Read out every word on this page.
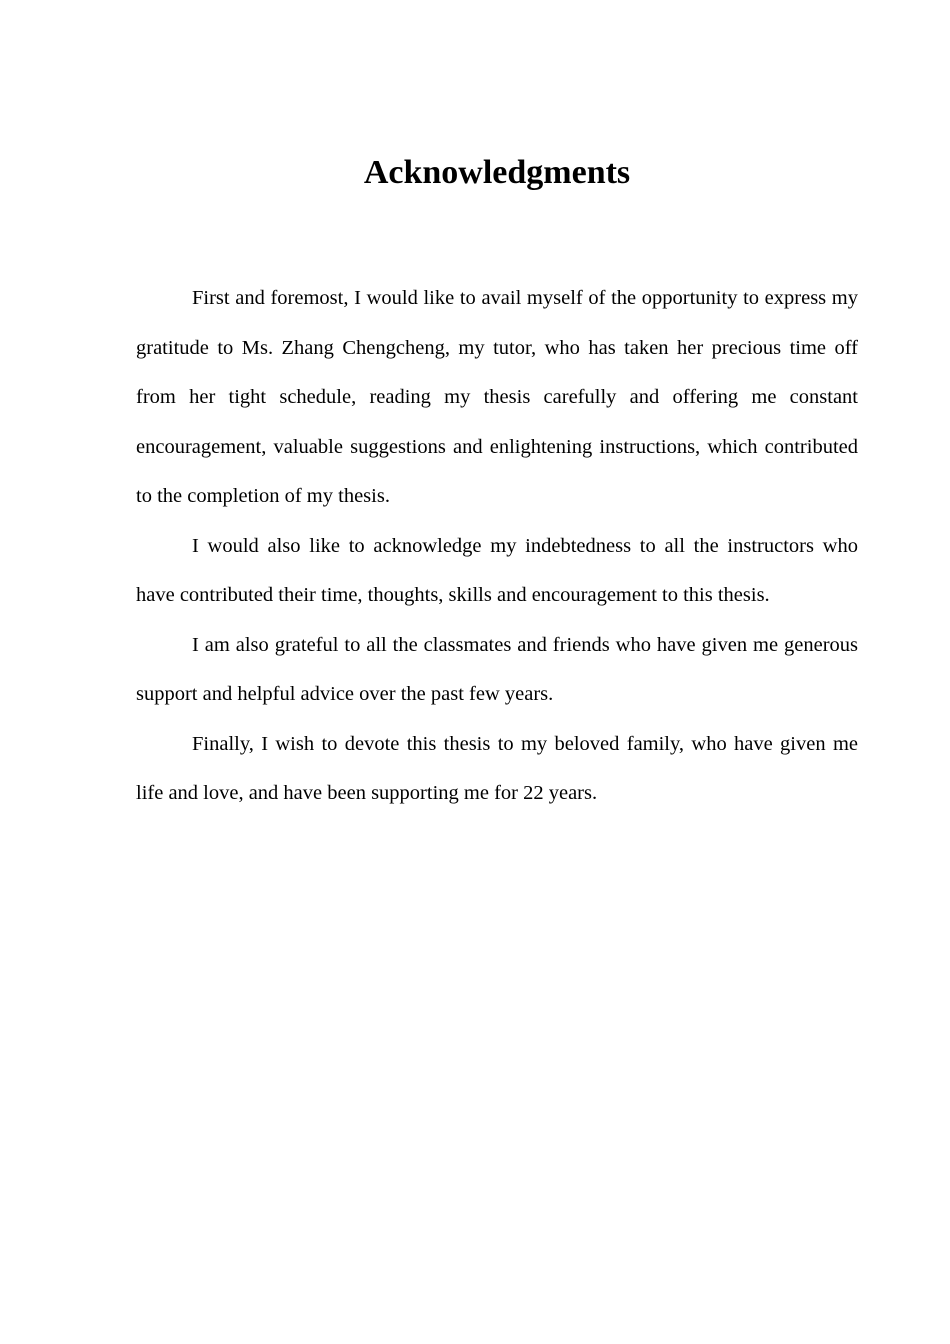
Acknowledgments

First and foremost, I would like to avail myself of the opportunity to express my gratitude to Ms. Zhang Chengcheng, my tutor, who has taken her precious time off from her tight schedule, reading my thesis carefully and offering me constant encouragement, valuable suggestions and enlightening instructions, which contributed to the completion of my thesis.

I would also like to acknowledge my indebtedness to all the instructors who have contributed their time, thoughts, skills and encouragement to this thesis.

I am also grateful to all the classmates and friends who have given me generous support and helpful advice over the past few years.

Finally, I wish to devote this thesis to my beloved family, who have given me life and love, and have been supporting me for 22 years.
